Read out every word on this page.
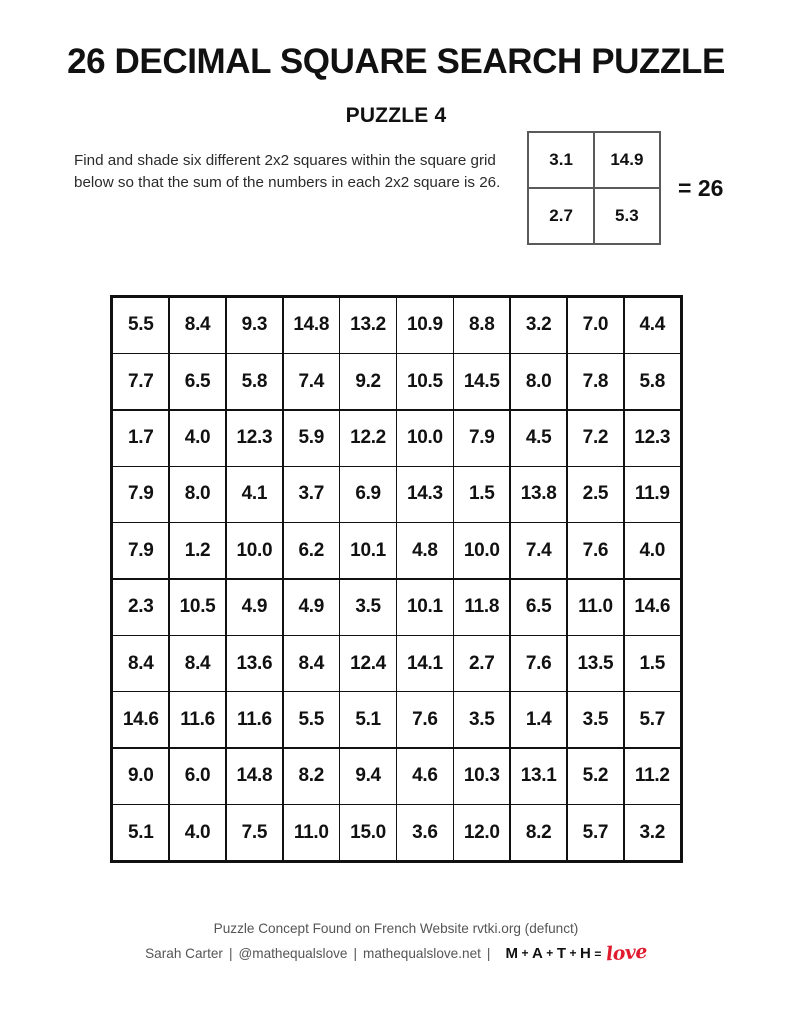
26 DECIMAL SQUARE SEARCH PUZZLE
PUZZLE 4
Find and shade six different 2x2 squares within the square grid below so that the sum of the numbers in each 2x2 square is 26.
3.1	14.9
2.7	5.3
= 26
5.5	8.4	9.3	14.8	13.2	10.9	8.8	3.2	7.0	4.4
7.7	6.5	5.8	7.4	9.2	10.5	14.5	8.0	7.8	5.8
1.7	4.0	12.3	5.9	12.2	10.0	7.9	4.5	7.2	12.3
7.9	8.0	4.1	3.7	6.9	14.3	1.5	13.8	2.5	11.9
7.9	1.2	10.0	6.2	10.1	4.8	10.0	7.4	7.6	4.0
2.3	10.5	4.9	4.9	3.5	10.1	11.8	6.5	11.0	14.6
8.4	8.4	13.6	8.4	12.4	14.1	2.7	7.6	13.5	1.5
14.6	11.6	11.6	5.5	5.1	7.6	3.5	1.4	3.5	5.7
9.0	6.0	14.8	8.2	9.4	4.6	10.3	13.1	5.2	11.2
5.1	4.0	7.5	11.0	15.0	3.6	12.0	8.2	5.7	3.2
Puzzle Concept Found on French Website rvtki.org (defunct)
Sarah Carter | @mathequalslove | mathequalslove.net |	M + A + T + H = love
